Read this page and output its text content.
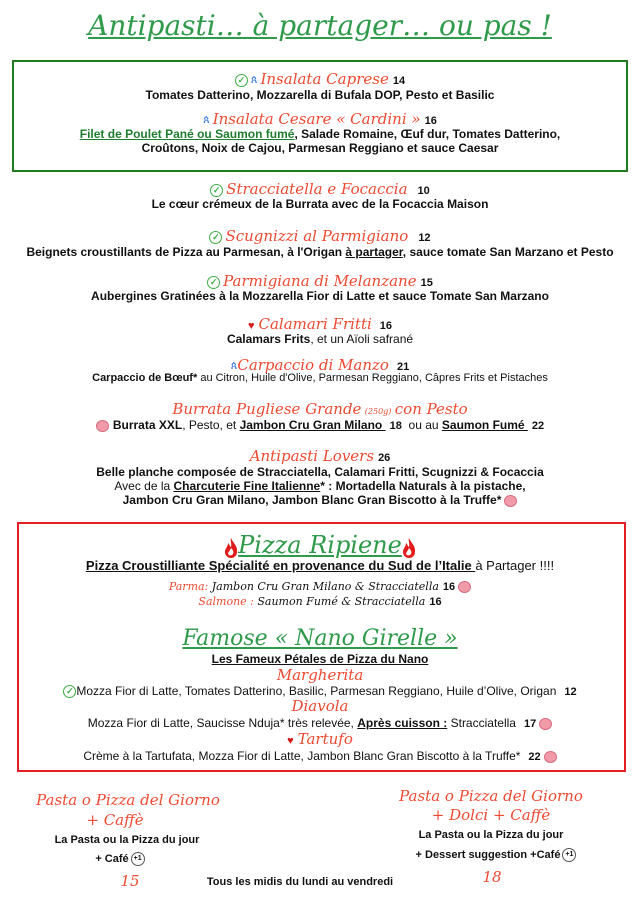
Antipasti… à partager… ou pas !
✓ ጰ Insalata Caprese 14
Tomates Datterino, Mozzarella di Bufala DOP, Pesto et Basilic
ጰ Insalata Cesare « Cardini » 16
Filet de Poulet Pané ou Saumon fumé, Salade Romaine, Œuf dur, Tomates Datterino,
Croûtons, Noix de Cajou, Parmesan Reggiano et sauce Caesar
✓ Stracciatella e Focaccia 10
Le cœur crémeux de la Burrata avec de la Focaccia Maison
✓ Scugnizzi al Parmigiano 12
Beignets croustillants de Pizza au Parmesan, à l'Origan à partager, sauce tomate San Marzano et Pesto
✓ Parmigiana di Melanzane 15
Aubergines Gratinées à la Mozzarella Fior di Latte et sauce Tomate San Marzano
♥ Calamari Fritti 16
Calamars Frits, et un Aïoli safrané
ጰCarpaccio di Manzo 21
Carpaccio de Bœuf* au Citron, Huile d'Olive, Parmesan Reggiano, Câpres Frits et Pistaches
Burrata Pugliese Grande (250g) con Pesto
Burrata XXL, Pesto, et Jambon Cru Gran Milano 18 ou au Saumon Fumé 22
Antipasti Lovers 26
Belle planche composée de Stracciatella, Calamari Fritti, Scugnizzi & Focaccia
Avec de la Charcuterie Fine Italienne* : Mortadella Naturals à la pistache,
Jambon Cru Gran Milano, Jambon Blanc Gran Biscotto à la Truffe*
Pizza Ripiene
Pizza Croustilliante Spécialité en provenance du Sud de l’Italie à Partager !!!!
Parma: Jambon Cru Gran Milano & Stracciatella 16
Salmone : Saumon Fumé & Stracciatella 16
Famose « Nano Girelle »
Les Fameux Pétales de Pizza du Nano
Margherita
✓ Mozza Fior di Latte, Tomates Datterino, Basilic, Parmesan Reggiano, Huile d’Olive, Origan 12
Diavola
Mozza Fior di Latte, Saucisse Nduja* très relevée, Après cuisson : Stracciatella 17
♥ Tartufo
Crème à la Tartufata, Mozza Fior di Latte, Jambon Blanc Gran Biscotto à la Truffe* 22
Pasta o Pizza del Giorno
+ Caffè
La Pasta ou la Pizza du jour
+ Café +1
15
Pasta o Pizza del Giorno
+ Dolci + Caffè
La Pasta ou la Pizza du jour
+ Dessert suggestion +Café +1
18
Tous les midis du lundi au vendredi
